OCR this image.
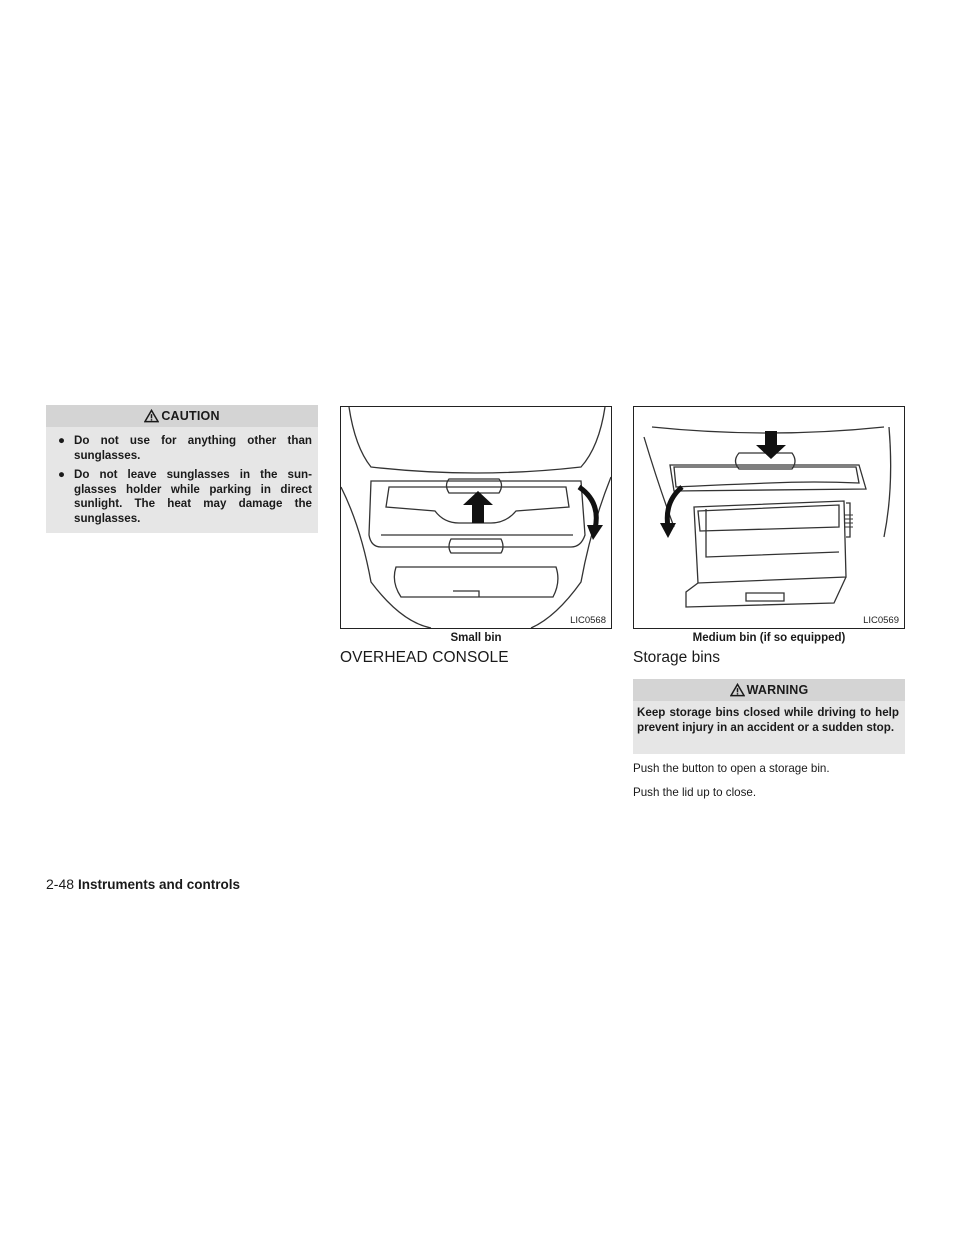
CAUTION
● Do not use for anything other than sunglasses.
● Do not leave sunglasses in the sun-glasses holder while parking in direct sunlight. The heat may damage the sunglasses.
LIC0568
Small bin
LIC0569
Medium bin (if so equipped)
OVERHEAD CONSOLE	Storage bins
WARNING
Keep storage bins closed while driving to help prevent injury in an accident or a sudden stop.
Push the button to open a storage bin.
Push the lid up to close.
2-48 Instruments and controls
